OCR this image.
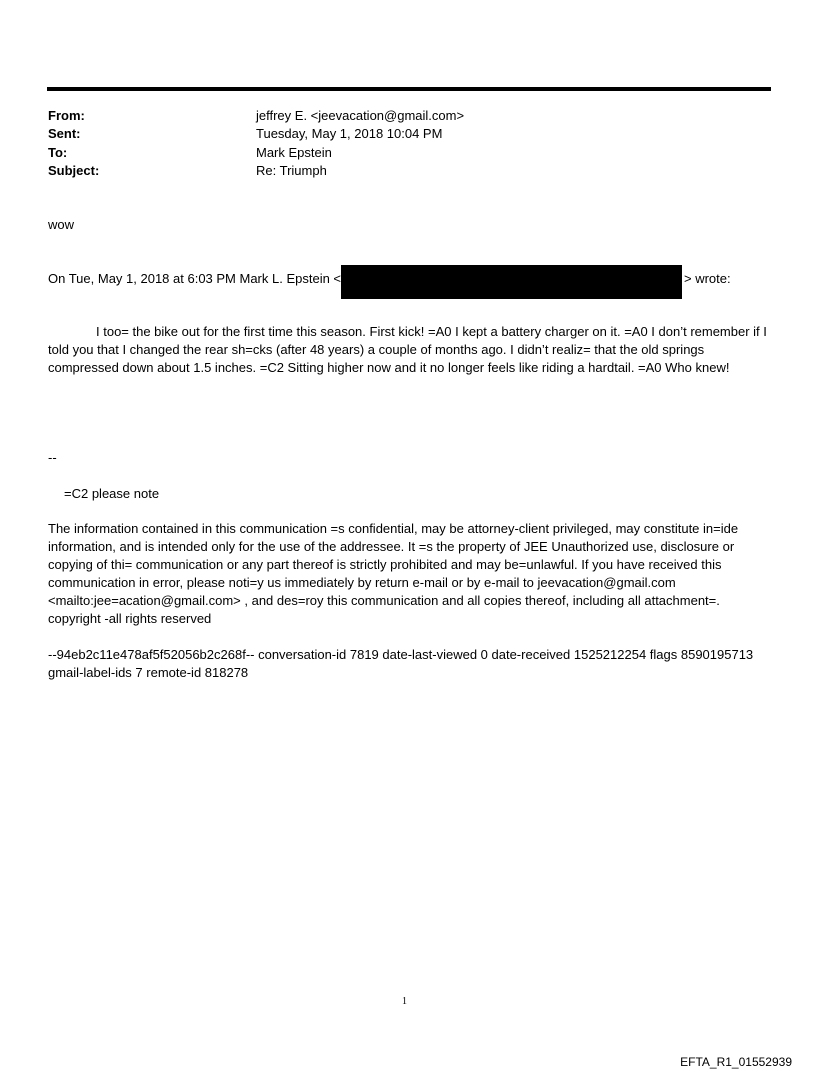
From:	jeffrey E. <jeevacation@gmail.com>
Sent:	Tuesday, May 1, 2018 10:04 PM
To:	Mark Epstein
Subject:	Re: Triumph
wow
On Tue, May 1, 2018 at 6:03 PM Mark L. Epstein <	> wrote:
I too= the bike out for the first time this season. First kick! =A0 I kept a battery charger on it. =A0 I don’t remember if I told you that I changed the rear sh=cks (after 48 years) a couple of months ago. I didn’t realiz= that the old springs compressed down about 1.5 inches. =C2 Sitting higher now and it no longer feels like riding a hardtail. =A0 Who knew!
--
=C2 please note
The information contained in this communication =s confidential, may be attorney-client privileged, may constitute in=ide information, and is intended only for the use of the addressee. It =s the property of JEE Unauthorized use, disclosure or copying of thi= communication or any part thereof is strictly prohibited and may be=unlawful. If you have received this communication in error, please noti=y us immediately by return e-mail or by e-mail to jeevacation@gmail.com <mailto:jee=acation@gmail.com> , and des=roy this communication and all copies thereof, including all attachment=. copyright -all rights reserved
--94eb2c11e478af5f52056b2c268f-- conversation-id 7819 date-last-viewed 0 date-received 1525212254 flags 8590195713 gmail-label-ids 7 remote-id 818278
1
EFTA_R1_01552939
